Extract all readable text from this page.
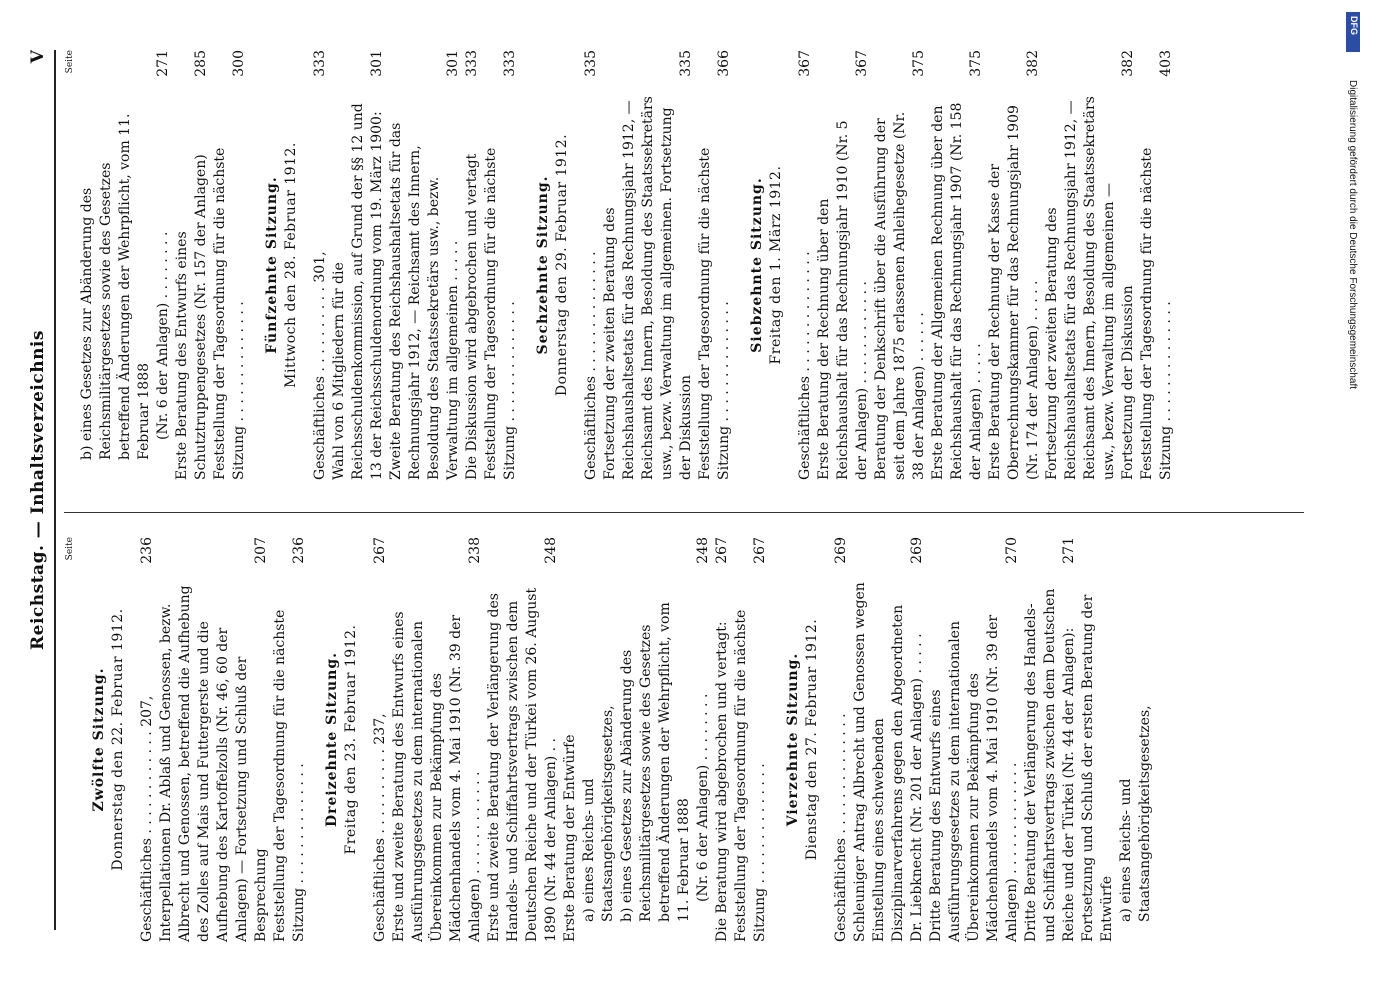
Reichstag. — Inhaltsverzeichnis
V
Seite
Zwölfte Sitzung. Donnerstag den 22. Februar 1912. Geschäftliches . . . . . . . . . . . . 207,
236
Interpellationen Dr. Ablaß und Genossen, bezw. Albrecht und Genossen, betreffend die Aufhebung des Zolles auf Mais und Futtergerste und die Aufhebung des Kartoffelzolls (Nr. 46, 60 der Anlagen) — Fortsetzung und Schluß der Besprechung
207
Feststellung der Tagesordnung für die nächste Sitzung . . . . . . . . . . . . . .
236
Dreizehnte Sitzung. Freitag den 23. Februar 1912. Geschäftliches . . . . . . . . . . 237,
267
Erste und zweite Beratung des Entwurfs eines Ausführungsgesetzes zu dem internationalen Übereinkommen zur Bekämpfung des Mädchenhandels vom 4. Mai 1910 (Nr. 39 der Anlagen) . . . . . . . . . . . .
238
Erste und zweite Beratung der Verlängerung des Handels- und Schiffahrtsvertrags zwischen dem Deutschen Reiche und der Türkei vom 26. August 1890 (Nr. 44 der Anlagen) . .
248
Erste Beratung der Entwürfe a) eines Reichs- und Staatsangehörigkeitsgesetzes, b) eines Gesetzes zur Abänderung des Reichsmilitärgesetzes sowie des Gesetzes betreffend Änderungen der Wehrpflicht, vom 11. Februar 1888 (Nr. 6 der Anlagen) . . . . . . . .
248
Die Beratung wird abgebrochen und vertagt:
267
Feststellung der Tagesordnung für die nächste Sitzung . . . . . . . . . . . . . .
267
Vierzehnte Sitzung. Dienstag den 27. Februar 1912. Geschäftliches . . . . . . . . . . . . . .
269
Schleuniger Antrag Albrecht und Genossen wegen Einstellung eines schwebenden Disziplinarverfahrens gegen den Abgeordneten Dr. Liebknecht (Nr. 201 der Anlagen) . . . . .
269
Dritte Beratung des Entwurfs eines Ausführungsgesetzes zu dem internationalen Übereinkommen zur Bekämpfung des Mädchenhandels vom 4. Mai 1910 (Nr. 39 der Anlagen) . . . . . . . . . . . . .
270
Dritte Beratung der Verlängerung des Handels- und Schiffahrtsvertrags zwischen dem Deutschen Reiche und der Türkei (Nr. 44 der Anlagen):
271
Fortsetzung und Schluß der ersten Beratung der Entwürfe a) eines Reichs- und Staatsangehörigkeitsgesetzes,
Seite
b) eines Gesetzes zur Abänderung des Reichsmilitärgesetzes sowie des Gesetzes betreffend Änderungen der Wehrpflicht, vom 11. Februar 1888 (Nr. 6 der Anlagen) . . . . . . . .
271
Erste Beratung des Entwurfs eines Schutztruppengesetzes (Nr. 157 der Anlagen)
285
Feststellung der Tagesordnung für die nächste Sitzung . . . . . . . . . . . . . .
300
Fünfzehnte Sitzung. Mittwoch den 28. Februar 1912. Geschäftliches . . . . . . . . . . 301,
333
Wahl von 6 Mitgliedern für die Reichsschuldenkommission, auf Grund der §§ 12 und 13 der Reichsschuldenordnung vom 19. März 1900:
301
Zweite Beratung des Reichshaushaltsetats für das Rechnungsjahr 1912, — Reichsamt des Innern, Besoldung des Staatssekretärs usw., bezw. Verwaltung im allgemeinen . . . . .
301
Die Diskussion wird abgebrochen und vertagt
333
Feststellung der Tagesordnung für die nächste Sitzung . . . . . . . . . . . . . .
333
Sechzehnte Sitzung. Donnerstag den 29. Februar 1912. Geschäftliches . . . . . . . . . . . . . .
335
Fortsetzung der zweiten Beratung des Reichshaushaltsetats für das Rechnungsjahr 1912, — Reichsamt des Innern, Besoldung des Staatssekretärs usw., bezw. Verwaltung im allgemeinen. Fortsetzung der Diskussion
335
Feststellung der Tagesordnung für die nächste Sitzung . . . . . . . . . . . . . .
366
Siebzehnte Sitzung. Freitag den 1. März 1912. Geschäftliches . . . . . . . . . . . . . .
367
Erste Beratung der Rechnung über den Reichshaushalt für das Rechnungsjahr 1910 (Nr. 5 der Anlagen) . . . . . . . . . . . .
367
Beratung der Denkschrift über die Ausführung der seit dem Jahre 1875 erlassenen Anleihegesetze (Nr. 38 der Anlagen) . . . . . .
375
Erste Beratung der Allgemeinen Rechnung über den Reichshaushalt für das Rechnungsjahr 1907 (Nr. 158 der Anlagen) . . . . .
375
Erste Beratung der Rechnung der Kasse der Oberrechnungskammer für das Rechnungsjahr 1909 (Nr. 174 der Anlagen) . . . . .
382
Fortsetzung der zweiten Beratung des Reichshaushaltsetats für das Rechnungsjahr 1912, — Reichsamt des Innern, Besoldung des Staatssekretärs usw., bezw. Verwaltung im allgemeinen — Fortsetzung der Diskussion
382
Feststellung der Tagesordnung für die nächste Sitzung . . . . . . . . . . . . . .
403
DFG
Digitalisierung gefördert durch die Deutsche Forschungsgemeinschaft
